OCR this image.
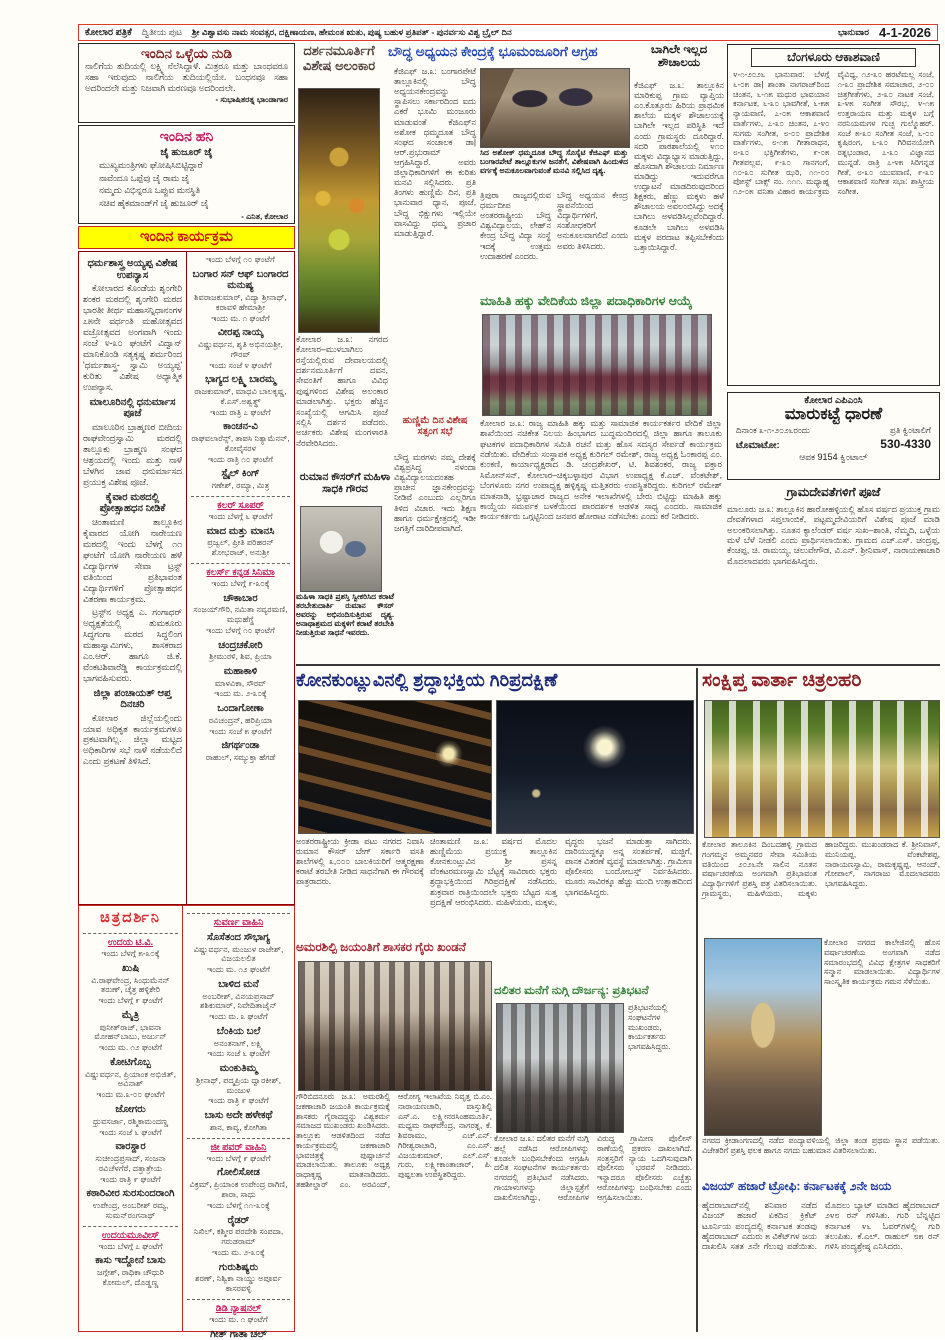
ಕೋಲಾರ ಪತ್ರಿಕೆ ದ್ವಿತೀಯ ಪುಟ ಶ್ರೀ ವಿಶ್ವಾವಸು ನಾಮ ಸಂವತ್ಸರ, ದಕ್ಷಿಣಾಯಣ, ಹೇಮಂತ ಋತು, ಪುಷ್ಯ ಬಹುಳ ಪ್ರತಿಪತ್ - ಪುನರ್ವಸು ವಿಶ್ವ ಬ್ರೈಲ್ ದಿನ	ಭಾನುವಾರ 4-1-2026
ಇಂದಿನ ಒಳ್ಳೆಯ ನುಡಿ
ನಾಲಿಗೆಯ ತುದಿಯಲ್ಲಿ ಲಕ್ಷ್ಮಿ ನೆಲೆಸಿದ್ದಾಳೆ. ಮಿತ್ರರೂ ಮತ್ತು ಬಾಂಧವರೂ ಸಹಾ ಇರುವುದು ನಾಲಿಗೆಯ ತುದಿಯಲ್ಲಿಯೇ. ಬಂಧನವೂ ಸಹಾ ಅದರಿಂದಲೇ ಮತ್ತು ನಿಜವಾಗಿ ಮರಣವೂ ಅದರಿಂದಲೇ.
- ಸುಭಾಷಿತರತ್ನ ಭಾಂಡಾಗಾರ
ಇಂದಿನ ಹನಿ
ಜೈ ಹುಜೂರ್ ಜೈ
ಮುಖ್ಯಮಂತ್ರಿಗಳು ಘೋಷಿಸಿಬಿಟ್ಟಿದ್ದಾರೆ
ನಾವೆಂದೂ ಒಪ್ಪೆವು ಜೈ ರಾಮ ಜೈ
ನಮ್ಮದು ವಿಭಿನ್ನರೂ ಒಪ್ಪುವ ಮನಸ್ಥಿತಿ
ಸಚಿವ ಹೈಕಮಾಂಡ್‌ಗೆ ಜೈ ಹುಜೂರ್ ಜೈ
- ಎನಿತ, ಕೋಲಾರ
ಇಂದಿನ ಕಾರ್ಯಕ್ರಮ
ಧರ್ಮಶಾಸ್ತ್ರ ಅಯ್ಯಪ್ಪ ವಿಶೇಷ ಉಪನ್ಯಾಸ
ಕೋಲಾರದ ಕೊಂಡೆಯ ಶೃಂಗೇರಿ ಶಂಕರ ಮಠದಲ್ಲಿ ಶೃಂಗೇರಿ ಮಠದ ಭಾರತೀ ತೀರ್ಥ ಮಹಾಸನ್ನಿಧಾನಂಗಳ ೭೫ನೇ ವರ್ಧಂತಿ ಮಹೋತ್ಸವದ ವಜ್ರೋತ್ಸವದ ಅಂಗವಾಗಿ ಇಂದು ಸಂಜೆ ೪-೩೦ ಘಂಟೆಗೆ ವಿದ್ವಾನ್ ಮಾನಿಕೊಂಡಿ ಸತ್ಯಕೃಷ್ಣ ಶರ್ಮರಿಂದ 'ಧರ್ಮಶಾಸ್ತ್ರ- ಸ್ವಾಮಿ ಅಯ್ಯಪ್ಪ' ಕುರಿತು ವಿಶೇಷ ಅಧ್ಯಾತ್ಮಿಕ ಉಪನ್ಯಾಸ.
ಮಾಲೂರಿನಲ್ಲಿ ಧನುರ್ಮಾಸ ಪೂಜೆ
ಮಾಲೂರಿನ ಬ್ರಾಹ್ಮಣರ ಬೀದಿಯ ರಾಘವೇಂದ್ರಸ್ವಾಮಿ ಮಠದಲ್ಲಿ ತಾಲ್ಲೂಕು ಬ್ರಾಹ್ಮಣ ಸಂಘದ ಆಶ್ರಯದಲ್ಲಿ ಇಂದು ಮತ್ತು ನಾಳೆ ಬೆಳಗಿನ ಜಾವ ಧನುರ್ಮಾಸದ ಪ್ರಯುಕ್ತ ವಿಶೇಷ ಪೂಜೆ.
ಕೈವಾರ ಮಠದಲ್ಲಿ ಪ್ರೋತ್ಸಾಹಧನ ನೀಡಿಕೆ
ಚಿಂತಾಮಣಿ ತಾಲ್ಲೂಕಿನ ಕೈವಾರದ ಯೋಗಿ ನಾರೇಯಣ ಮಠದಲ್ಲಿ ಇಂದು ಬೆಳಗ್ಗೆ ೧೧ ಘಂಟೆಗೆ ಯೋಗಿ ನಾರೇಯಣ ಹಳೆ ವಿದ್ಯಾರ್ಥಿಗಳ ಸೇವಾ ಟ್ರಸ್ಟ್ ವತಿಯಿಂದ ಪ್ರತಿಭಾವಂತ ವಿದ್ಯಾರ್ಥಿಗಳಿಗೆ ಪ್ರೋತ್ಸಾಹಧನ ವಿತರಣಾ ಕಾರ್ಯಕ್ರಮ.
ಟ್ರಸ್ಟ್‌ನ ಅಧ್ಯಕ್ಷ ಎ. ಗಂಗಾಧರ್ ಅಧ್ಯಕ್ಷತೆಯಲ್ಲಿ ತುಮಕೂರು ಸಿದ್ಧಗಂಗಾ ಮಠದ ಸಿದ್ಧಲಿಂಗ ಮಹಾಸ್ವಾಮಿಗಳು, ಶಾಸಕರಾದ ಎಂ.ಆರ್. ಹಾಗೂ ಜಿ.ಕೆ. ವೆಂಕಟಶಿವಾರೆಡ್ಡಿ ಕಾರ್ಯಕ್ರಮದಲ್ಲಿ ಭಾಗವಹಿಸುವರು.
ಜಿಲ್ಲಾ ಪಂಚಾಯತ್ ಆಪ್ತ ದಿನಚರಿ
ಕೋಲಾರ ಜಿಲ್ಲೆಯಲ್ಲಿಂದು ಯಾವ ಅಧಿಕೃತ ಕಾರ್ಯಕ್ರಮಗಳೂ ಪ್ರಕಟವಾಗಿಲ್ಲ. ಜಿಲ್ಲಾ ಮಟ್ಟದ ಅಧಿಕಾರಿಗಳ ಸಭೆ ನಾಳೆ ನಡೆಯಲಿದೆ ಎಂದು ಪ್ರಕಟಣೆ ತಿಳಿಸಿದೆ.
ಇಂದು ಬೆಳಗ್ಗೆ ೧೦ ಘಂಟೆಗೆ
ಬಂಗಾರ ಸನ್ ಆಫ್ ಬಂಗಾರದ ಮನುಷ್ಯ
ಶಿವರಾಜಕುಮಾರ್, ವಿದ್ಯಾ ಶ್ರೀನಾಥ್, ಕರಾವಳಿ ಹೇಮಾಶ್ರೀ
ಇಂದು ಮ. ೧ ಘಂಟೆಗೆ
ವೀರಪ್ಪ ನಾಯ್ಕ
ವಿಷ್ಣುವರ್ಧನ, ಶೃತಿ ಅಭಿನಯಶ್ರೀ, ಗೌರವ್
ಇಂದು ಸಂಜೆ ೪ ಘಂಟೆಗೆ
ಭಾಗ್ಯದ ಲಕ್ಷ್ಮಿ ಬಾರಮ್ಮ
ರಾಜಕುಮಾರ್, ಮಾಧವಿ ಬಾಲಕೃಷ್ಣ, ಕೆ.ಎಸ್.ಅಶ್ವತ್ಥ್
ಇಂದು ರಾತ್ರಿ ೭ ಘಂಟೆಗೆ
ಕಾಂಚನ-ವಿ
ರಾಘವಲಾರೆನ್ಸ್, ತಾಪಸಿ ನಿತ್ಯಾಮೆನನ್, ಕೋವೈಸರಳ
ಇಂದು ರಾತ್ರಿ ೧೦ ಘಂಟೆಗೆ
ಸ್ಟೈಲ್ ಕಿಂಗ್
ಗಣೇಶ್, ರಮ್ಯಾ, ಮಿತ್ರ
ಕಲರ್ ಸೂಪರ್
ಇಂದು ಬೆಳಗ್ಗೆ ೬ ಘಂಟೆಗೆ
ಮಾದ ಮತ್ತು ಮಾನಸಿ
ಪ್ರಜ್ವಲ್, ಪ್ರೀತಿ ಪರಿಹರನ್ ಶೋಭರಾಜ್, ಅನುಶ್ರೀ
ಕಲರ್ಸ್ ಕನ್ನಡ ಸಿನಿಮಾ
ಇಂದು ಬೆಳಗ್ಗೆ ೯-೩೦ಕ್ಕೆ
ಚೌಕಾಬಾರ
ಸಂಜಯ್‌ಗೌರಿ, ನಮಿತಾ ನವ್ಯರಮಣಿ, ಮಧುಹೆಗ್ಡೆ
ಇಂದು ಬೆಳಗ್ಗೆ ೧೦ ಘಂಟೆಗೆ
ಚಂದ್ರಚಕೋರಿ
ಶ್ರೀಮುರಳಿ, ಶಿವ, ಪ್ರಿಯಾ
ಮಹಾಕಾಳಿ
ಮಾಳವಿಕಾ, ಸೌರವ್
ಇಂದು ಮ. ೨-೩೦ಕ್ಕೆ
ಒಂದಾಗೋಣಾ
ರವಿಚಂದ್ರನ್, ಹರಿಪ್ರಿಯಾ
ಇಂದು ಸಂಜೆ ೫ ಘಂಟೆಗೆ
ಜಿಗರ್ಥಂಡಾ
ರಾಹುಲ್, ಸಮ್ಯುಕ್ತಾ ಹೆಗಡೆ
ಚಿತ್ರದರ್ಶಿನಿ
ಉದಯ ಟಿ.ವಿ.
ಇಂದು ಬೆಳಗ್ಗೆ ೫-೩೦ಕ್ಕೆ
ಖುಷಿ
ವಿ.ರಾಘವೇಂದ್ರ, ಸಿಂಧುಮೆನನ್ ತರುಣ್, ಚೈತ್ರ ಹಳ್ಳಿಕೇರಿ
ಇಂದು ಬೆಳಗ್ಗೆ ೯ ಘಂಟೆಗೆ
ಮೈತ್ರಿ
ಪುನೀತ್‌ರಾಜ್, ಭಾವನಾ ಮೋಹನ್‌ಬಾಬು, ಅರ್ಜುನ್
ಇಂದು ಮ. ೧೨ ಘಂಟೆಗೆ
ಕೋಟಿಗೊಬ್ಬ
ವಿಷ್ಣುವರ್ಧನ, ಪ್ರಿಯಾಂಕ ಅಭಿಜಿತ್, ಅವಿನಾಶ್
ಇಂದು ಮ.೩-೦೦ ಘಂಟೆಗೆ
ಜೋಗರು
ಧ್ರುವಸರ್ಜಾ, ರಶ್ಮಿಕಾಮಂದಣ್ಣ
ಇಂದು ಸಂಜೆ ೬ ಘಂಟೆಗೆ
ವಾರಸ್ದಾರ
ಸುಚೀಂದ್ರಪ್ರಸಾದ್, ಸಂಜನಾ ರವಿಚೆಳಗೆರೆ, ದತ್ತಾತ್ರೇಯ
ಇಂದು ರಾತ್ರಿ ೯ ಘಂಟೆಗೆ
ಕಠಾರಿವೀರ ಸುರಸುಂದರಾಂಗಿ
ಉಪೇಂದ್ರ, ಅಂಬರೀಶ್ ರಮ್ಯ, ಸುಮನ್‌ರಂಗನಾಥ್
ಉದಯಮೂವೀಸ್
ಇಂದು ಬೆಳಗ್ಗೆ ೭ ಘಂಟೆಗೆ
ಕಾಸು ಇದ್ದೋನೆ ಬಾಸು
ಜಗ್ಗೇಶ್, ರಾಧಿಕಾ ಚೌಧುರಿ ಕೋಮಲ್, ದೊಡ್ಡಣ್ಣ
ಸುವರ್ಣ ವಾಹಿನಿ
ಸೊಸೆತಂದ ಸೌಭಾಗ್ಯ
ವಿಷ್ಣುವರ್ಧನ, ಮಂಜುಳ ರಾಜೇಶ್, ವಿಜಯಲಲಿತ
ಇಂದು ಮ. ೧೨ ಘಂಟೆಗೆ
ಬಾಳಿದ ಮನೆ
ಅಂಬರೀಶ್, ವಿನಯಪ್ರಸಾದ್ ಶಶಿಕುಮಾರ್, ನಿವೇದಿತಾಜೈನ್
ಇಂದು ಮ. ೩ ಘಂಟೆಗೆ
ಬೆಂಕಿಯ ಬಲೆ
ಅನಂತನಾಗ್, ಲಕ್ಷ್ಮಿ
ಇಂದು ಸಂಜೆ ೬ ಘಂಟೆಗೆ
ಮಂಕುತಿಮ್ಮ
ಶ್ರೀನಾಥ್, ಪದ್ಮಪ್ರಿಯ ದ್ವಾರಕೀಶ್, ಮಂಜುಳ
ಇಂದು ರಾತ್ರಿ ೯ ಘಂಟೆಗೆ
ಬಾಸು ಅದೇ ಹಳೇಕಥೆ
ಶಾನ, ಕಾವ್ಯ, ಕೋಗಿತಾ
ಜೀ ಪವರ್ ವಾಹಿನಿ
ಇಂದು ಬೆಳಗ್ಗೆ ೯ ಘಂಟೆಗೆ
ಗೋಲಿಸೋಡ
ವಿಕ್ರಮ್, ಪ್ರಿಯಾಂಕ ಉಪೇಂದ್ರ ರಾಗಿಣಿ, ಶಾರಾ, ಸಾಧು
ಇಂದು ಬೆಳಗ್ಗೆ ೧೧-೩೦ಕ್ಕೆ
ರೈಡರ್
ನಿಖಿಲ್, ಕಶ್ಮೀರ ಪರದೇಶಿ ಸಂಪದಾ, ಗರುಡರಾಮ್
ಇಂದು ಮ. ೨-೩೦ಕ್ಕೆ
ಗುರುಶಿಷ್ಯರು
ಶರಣ್, ನಿಶ್ವಿಕಾ ನಾಯ್ಡು ಅಪೂರ್ವ ಕಾಸರವಳ್ಳಿ
ಡಿಡಿ ನ್ಯಾಷನಲ್
ಇಂದು ಮ. ೧ ಘಂಟೆಗೆ
ಗೀತ್ ಗಾತಾ ಚಲ್
ದರ್ಶನಮೂರ್ತಿಗೆ ವಿಶೇಷ ಅಲಂಕಾರ
ಕೋಲಾರ ಜ.೩: ನಗರದ ಕೋಲಾರ–ಮುಳಬಾಗಿಲು ರಸ್ತೆಯಲ್ಲಿರುವ ದೇವಾಲಯದಲ್ಲಿ ದರ್ಶನಮೂರ್ತಿಗೆ ದವನ, ಸೇವಂತಿಗೆ ಹಾಗೂ ವಿವಿಧ ಪುಷ್ಪಗಳಿಂದ ವಿಶೇಷ ಅಲಂಕಾರ ಮಾಡಲಾಗಿತ್ತು. ಭಕ್ತರು ಹೆಚ್ಚಿನ ಸಂಖ್ಯೆಯಲ್ಲಿ ಆಗಮಿಸಿ ಪೂಜೆ ಸಲ್ಲಿಸಿ ದರ್ಶನ ಪಡೆದರು. ಅರ್ಚಕರು ವಿಶೇಷ ಮಂಗಳಾರತಿ ನೆರವೇರಿಸಿದರು.
ರುಮಾನ ಕೌಸರ್‌ಗೆ ಮಹಿಳಾ ಸಾಧಕಿ ಗೌರವ
ಮಹಿಳಾ ಸಾಧಕಿ ಪ್ರಶಸ್ತಿ ಸ್ವೀಕರಿಸಿದ ಕರಾಟೆ ತರಬೇತುದಾರ್ತಿ ರುಮಾನ ಕೌಸರ್ ಅವರನ್ನು ಅಭಿನಂದಿಸುತ್ತಿರುವ ದೃಶ್ಯ. ಅನಾಥಾಶ್ರಮದ ಮಕ್ಕಳಿಗೆ ಕರಾಟೆ ತರಬೇತಿ ನೀಡುತ್ತಿರುವ ಸಾಧನೆ ಇವರದು.
ಬೌದ್ಧ ಅಧ್ಯಯನ ಕೇಂದ್ರಕ್ಕೆ ಭೂಮಂಜೂರಿಗೆ ಆಗ್ರಹ
ಕೆಜಿಎಫ್ ಜ.೩: ಬಂಗಾರಪೇಟೆ ತಾಲ್ಲೂಕಿನಲ್ಲಿ ಬೌದ್ಧ ಅಧ್ಯಯನಕೇಂದ್ರವನ್ನು ಸ್ಥಾಪಿಸಲು ಸರ್ಕಾರದಿಂದ ಐದು ಎಕರೆ ಭೂಮಿ ಮಂಜೂರು ಮಾಡುವಂತೆ ಕೆಜಿಎಫ್‌ನ ಅಶೋಕ ಧಮ್ಮದೂತ ಬೌದ್ಧ ಸಂಘದ ಸಂಚಾಲಕ ಡಾ| ಆರ್.ಪ್ರಭುರಾಮ್ ಆಗ್ರಹಿಸಿದ್ದಾರೆ. ಅವರು ಜಿಲ್ಲಾಧಿಕಾರಿಗಳಿಗೆ ಈ ಕುರಿತು ಮನವಿ ಸಲ್ಲಿಸಿದರು. ಪ್ರತಿ ತಿಂಗಳು ಹುಣ್ಣಿಮೆ ದಿನ, ಪ್ರತಿ ಭಾನುವಾರ ಧ್ಯಾನ, ಪೂಜೆ, ಬೌದ್ಧ ಭಿಕ್ಷುಗಳು ಇಲ್ಲಿಯೇ ವಾಸವಿದ್ದು ಧಮ್ಮ ಪ್ರಚಾರ ಮಾಡುತ್ತಿದ್ದಾರೆ.
ಹುಣ್ಣಿಮೆ ದಿನ ವಿಶೇಷ ಸತ್ಸಂಗ ಸಭೆ
ಬೌದ್ಧ ಮಠಗಳು ನಮ್ಮ ದೇಶಕ್ಕೆ ವಿಶ್ವಪ್ರಸಿದ್ಧ ನಳಂದಾ ವಿಶ್ವವಿದ್ಯಾಲಯದಂತಹ ಪ್ರಾಚೀನ ಜ್ಞಾನಕೇಂದ್ರವನ್ನು ನೀಡಿವೆ ಎಂಬುದು ಎಲ್ಲರಿಗೂ ತಿಳಿದ ವಿಚಾರ. ಇದು ಶಿಕ್ಷಣ ಹಾಗೂ ಧರ್ಮಕ್ಷೇತ್ರದಲ್ಲಿ ಇಡೀ ಜಗತ್ತಿಗೆ ದಾರಿದೀಪವಾಗಿದೆ.
ಸಿದ ಅಶೋಕ್ ಧಮ್ಮದೂತ ಬೌದ್ಧ ಸೊಸೈಟಿ ಕೆಜಿಎಫ್ ಮತ್ತು ಬಂಗಾರಪೇಟೆ ತಾಲ್ಲೂಕುಗಳ ಜನತೆಗೆ, ವಿಶೇಷವಾಗಿ ಹಿಂದುಳಿದ ವರ್ಗಕ್ಕೆ ಅನುಕೂಲವಾಗುವಂತೆ ಮನವಿ ಸಲ್ಲಿಸಿದ ದೃಶ್ಯ.
ತ್ರಿಪುರಾ ರಾಜ್ಯದಲ್ಲಿರುವ ಧರ್ಮದೀಪ ಅಂತರರಾಷ್ಟ್ರೀಯ ಬೌದ್ಧ ವಿಶ್ವವಿದ್ಯಾಲಯ, ಲೇಹ್‌ನ ಕೇಂದ್ರ ಬೌದ್ಧ ವಿದ್ಯಾ ಸಂಸ್ಥೆ ಇದಕ್ಕೆ ಉತ್ತಮ ಉದಾಹರಣೆ ಎಂದರು.
ಬೌದ್ಧ ಅಧ್ಯಯನ ಕೇಂದ್ರ ಸ್ಥಾಪನೆಯಿಂದ ವಿದ್ಯಾರ್ಥಿಗಳಿಗೆ, ಸಂಶೋಧಕರಿಗೆ ಅನುಕೂಲವಾಗಲಿದೆ ಎಂದು ಅವರು ತಿಳಿಸಿದರು.
ಬಾಗಿಲೇ ಇಲ್ಲದ ಶೌಚಾಲಯ
ಕೆಜಿಎಫ್ ಜ.೩: ತಾಲ್ಲೂಕಿನ ಮಾರಿಕುಪ್ಪ ಗ್ರಾಮ ವ್ಯಾಪ್ತಿಯ ಎಂ.ಕೊತ್ತೂರು ಹಿರಿಯ ಪ್ರಾಥಮಿಕ ಶಾಲೆಯ ಮಕ್ಕಳ ಶೌಚಾಲಯಕ್ಕೆ ಬಾಗಿಲೇ ಇಲ್ಲದ ಪರಿಸ್ಥಿತಿ ಇದೆ ಎಂದು ಗ್ರಾಮಸ್ಥರು ದೂರಿದ್ದಾರೆ. ಸದರಿ ಪಾಠಶಾಲೆಯಲ್ಲಿ ೪೧೦ ಮಕ್ಕಳು ವಿದ್ಯಾಭ್ಯಾಸ ಮಾಡುತ್ತಿದ್ದು, ಹೊಸದಾಗಿ ಶೌಚಾಲಯ ನಿರ್ಮಾಣ ಮಾಡಿದ್ದು ಇದುವರೆಗೂ ಉದ್ಘಾಟನೆ ಮಾಡದಿರುವುದರಿಂದ ಶಿಕ್ಷಕರು, ಹೆಣ್ಣು ಮಕ್ಕಳು ಹಳೆ ಶೌಚಾಲಯ ಅವಲಂಬಿಸಿದ್ದು ಅದಕ್ಕೆ ಬಾಗಿಲು ಅಳವಡಿಸಿಲ್ಲವೆಂದಿದ್ದಾರೆ. ಕೂಡಲೇ ಬಾಗಿಲು ಅಳವಡಿಸಿ ಮಕ್ಕಳ ಪರದಾಟ ತಪ್ಪಿಸಬೇಕೆಂದು ಒತ್ತಾಯಿಸಿದ್ದಾರೆ.
ಬೆಂಗಳೂರು ಆಕಾಶವಾಣಿ
೪-೧-೨೦೨೬ ಭಾನುವಾರ: ಬೆಳಗ್ಗೆ ೬-೦೫ ಡಾ| ಶಾಂತಾ ನಾಗರಾಜ್‌ರಿಂದ ಚಿಂತನ, ೬-೧೫ ಮಧುರ ಭಾವಯಾನ ಕರ್ನಾಟಕ, ೬-೩೦ ಭಾವಗೀತೆ, ೬-೫೫ ನ್ಯಾಯವಾಣಿ, ೭-೦೫ ಆಕಾಶವಾಣಿ ವಾರ್ತೆಗಳು, ೭-೩೦ ಚಿಂತನ, ೭-೪೦ ಸುಗಮ ಸಂಗೀತ, ೮-೦೦ ಪ್ರಾದೇಶಿಕ ವಾರ್ತೆಗಳು, ೮-೧೫ ಗೀತಾರಾಧನ, ೮-೩೦ ಭಕ್ತಿಗೀತೆಗಳು, ೯-೦೫ ಗೀತಪಲ್ಲವ, ೯-೩೦ ಗಾನಗಂಗೆ, ೧೦-೩೦ ಸುಗೀತ ಝರಿ, ೧೧-೦೦ ಪೋಸ್ಟ್ ಬಾಕ್ಸ್ ನಂ. ೧೧೧. ಮಧ್ಯಾಹ್ನ ೧೨-೦೫ ವನಿತಾ ವಿಹಾರ ಕಾರ್ಯಕ್ರಮ ವೈವಿಧ್ಯ, ೧೨-೩೦ ಹರಟೆಮಲ್ಲ ಸಂಜೆ, ೧-೩೦ ಪ್ರಾದೇಶಿಕ ಸಮಾಚಾರ, ೨-೦೦ ಚಿತ್ರಗೀತೆಗಳು, ೨-೩೦ ನಾಟಕ ಸಂಜೆ, ೩-೪೫ ಸಂಗೀತ ಸೌರಭ, ೪-೧೫ ಉತ್ತರಾಯಣ ಮತ್ತು ಮಕ್ಕಳ ಬಗ್ಗೆ ನರನಿಯಮಗಳ ಗುಚ್ಛ ಗುಲ್ಮೊಹರ್. ಸಂಜೆ ೫-೩೦ ಸಂಗೀತ ಸಂಜೆ, ೬-೦೦ ಕೃಷಿರಂಗ, ೬-೩೦ ಗಿರಿವನಯೋಗಿ ರತ್ನಭಂಡಾರ, ೭-೩೦ ವಿಜ್ಞಾನದ ಮುನ್ನಡೆ. ರಾತ್ರಿ ೭-೪೫ ಸಿರಿಗನ್ನಡ ಗೀತೆ, ೮-೩೦ ಯುವವಾಣಿ, ೯-೩೦ ಆಕಾಶವಾಣಿ ಸಂಗೀತ ಸಭಾ: ಶಾಸ್ತ್ರೀಯ ಸಂಗೀತ.
ಮಾಹಿತಿ ಹಕ್ಕು ವೇದಿಕೆಯ ಜಿಲ್ಲಾ ಪದಾಧಿಕಾರಿಗಳ ಆಯ್ಕೆ
ಕೋಲಾರ ಜ.೩: ರಾಜ್ಯ ಮಾಹಿತಿ ಹಕ್ಕು ಮತ್ತು ಸಾಮಾಜಿಕ ಕಾರ್ಯಕರ್ತರ ವೇದಿಕೆ ಜಿಲ್ಲಾ ಶಾಖೆಯಿಂದ ನಚಿಕೇತ ನಿಲಯ ಹಿಂಭಾಗದ ಬುದ್ಧಮಂದಿರದಲ್ಲಿ ಜಿಲ್ಲಾ ಹಾಗೂ ತಾಲೂಕು ಘಟಕಗಳ ಪದಾಧಿಕಾರಿಗಳ ಸಮಿತಿ ರಚನೆ ಮತ್ತು ಹೊಸ ಸದಸ್ಯರ ಸೇರ್ಪಡೆ ಕಾರ್ಯಕ್ರಮ ನಡೆಯಿತು. ವೇದಿಕೆಯ ಸಂಸ್ಥಾಪಕ ಅಧ್ಯಕ್ಷ ಕುರಿಗಲ್ ರಮೇಶ್, ರಾಜ್ಯ ಅಧ್ಯಕ್ಷ ಓಂಕಾರಪ್ಪ ಎಂ. ಕುಂಕಣಿ, ಕಾರ್ಯಾಧ್ಯಕ್ಷರಾದ ಡಿ. ಚಂದ್ರಶೇಖರ್, ಟಿ. ಶಿವಶಂಕರ, ರಾಜ್ಯ ವಕ್ತಾರ ಸಿಮೋನ್‌ಸನ್, ಕೋಲಾರ–ಚಿಕ್ಕಬಳ್ಳಾಪುರ ವಿಭಾಗ ಉಪಾಧ್ಯಕ್ಷ ಕೆ.ಎಚ್. ವೆಂಕಟೇಶ್, ಬೆಂಗಳೂರು ನಗರ ಉಪಾಧ್ಯಕ್ಷ ಹಳ್ಳಿಕೃಷ್ಣ ಮತ್ತಿತರರು ಉಪಸ್ಥಿತರಿದ್ದರು. ಕುರಿಗಲ್ ರಮೇಶ್ ಮಾತನಾಡಿ, ಭ್ರಷ್ಟಾಚಾರ ರಾಜ್ಯದ ಅನೇಕ ಇಲಾಖೆಗಳಲ್ಲಿ ಬೇರು ಬಿಟ್ಟಿದ್ದು ಮಾಹಿತಿ ಹಕ್ಕು ಕಾಯ್ದೆಯ ಸಮರ್ಪಕ ಬಳಕೆಯಿಂದ ಪಾರದರ್ಶಕ ಆಡಳಿತ ಸಾಧ್ಯ ಎಂದರು. ಸಾಮಾಜಿಕ ಕಾರ್ಯಕರ್ತರು ಒಗ್ಗಟ್ಟಿನಿಂದ ಜನಪರ ಹೋರಾಟ ನಡೆಸಬೇಕು ಎಂದು ಕರೆ ನೀಡಿದರು.
ಕೋಲಾರ ಎಪಿಎಂಸಿ
ಮಾರುಕಟ್ಟೆ ಧಾರಣೆ
ದಿನಾಂಕ ೩-೧-೨೦೨೬ರಂದು	ಪ್ರತಿ ಕ್ವಿಂಟಾಲಿಗೆ
ಟೊಮಾಟೋ:	530-4330
ಆವಕ 9154 ಕ್ವಿಂಟಾಲ್
ಗ್ರಾಮದೇವತೆಗಳಿಗೆ ಪೂಜೆ
ಮಾಲೂರು ಜ.೩: ತಾಲ್ಲೂಕಿನ ಹಾರೋಹಳ್ಳಿಯಲ್ಲಿ ಹೊಸ ವರ್ಷದ ಪ್ರಯುಕ್ತ ಗ್ರಾಮ ದೇವತೆಗಳಾದ ಸಪ್ತಲಾಂಬಿಕೆ, ಪಟ್ಟಮ್ಮದೇವಿಯರಿಗೆ ವಿಶೇಷ ಪೂಜೆ ಮಾಡಿ ಅಲಂಕರಿಸಲಾಗಿತ್ತು. ನೂತನ ಕ್ಯಾಲೆಂಡರ್ ವರ್ಷ ಸುಖ–ಶಾಂತಿ, ನೆಮ್ಮದಿ, ಒಳ್ಳೆಯ ಮಳೆ ಬೆಳೆ ನೀಡಲಿ ಎಂದು ಪ್ರಾರ್ಥಿಸಲಾಯಿತು. ಗ್ರಾಮದ ಎಚ್.ಎಸ್. ಚಂದ್ರಪ್ಪ, ಕೆಂಚಪ್ಪ, ಚಿ. ರಾಮಯ್ಯ, ಚಲುವೇಗೌಡ, ವಿ.ಎನ್. ಶ್ರೀನಿವಾಸ್, ನಾರಾಯಣಾಚಾರಿ ಮೊದಲಾದವರು ಭಾಗವಹಿಸಿದ್ದರು.
ಕೋನಕುಂಟ್ಲುವಿನಲ್ಲಿ ಶ್ರದ್ಧಾಭಕ್ತಿಯ ಗಿರಿಪ್ರದಕ್ಷಿಣೆ
ಅಂತರರಾಷ್ಟ್ರೀಯ ಕ್ರೀಡಾ ಪಟು ನಗರದ ನಿವಾಸಿ ರುಮಾನ ಕೌಸರ್ ಬೇಗ್ ಸರ್ಕಾರಿ ವಸತಿ ಶಾಲೆಗಳಲ್ಲಿ ೩,೦೦೦ ಬಾಲಕಿಯರಿಗೆ ಆತ್ಮರಕ್ಷಣಾ ಕರಾಟೆ ತರಬೇತಿ ನೀಡಿದ ಸಾಧನೆಗಾಗಿ ಈ ಗೌರವಕ್ಕೆ ಪಾತ್ರರಾದರು.
ಚಿಂತಾಮಣಿ ಜ.೩: ವರ್ಷದ ಮೊದಲ ಹುಣ್ಣಿಮೆಯ ಪ್ರಯುಕ್ತ ತಾಲ್ಲೂಕಿನ ಕೋನಕುಂಟ್ಲುವಿನ ಶ್ರೀ ಪ್ರಸನ್ನ ವೆಂಕಟರಮಣಸ್ವಾಮಿ ಬೆಟ್ಟಕ್ಕೆ ಸಾವಿರಾರು ಭಕ್ತರು ಶ್ರದ್ಧಾಭಕ್ತಿಯಿಂದ ಗಿರಿಪ್ರದಕ್ಷಿಣೆ ನಡೆಸಿದರು. ಶುಕ್ರವಾರ ರಾತ್ರಿಯಿಂದಲೇ ಭಕ್ತರು ಬೆಟ್ಟದ ಸುತ್ತ ಪ್ರದಕ್ಷಿಣೆ ಆರಂಭಿಸಿದರು. ಮಹಿಳೆಯರು, ಮಕ್ಕಳು, ವೃದ್ಧರು ಭಜನೆ ಮಾಡುತ್ತಾ ಸಾಗಿದರು. ದಾರಿಯುದ್ದಕ್ಕೂ ಅನ್ನ ಸಂತರ್ಪಣೆ, ಮಜ್ಜಿಗೆ, ಪಾನಕ ವಿತರಣೆ ವ್ಯವಸ್ಥೆ ಮಾಡಲಾಗಿತ್ತು. ಗ್ರಾಮೀಣ ಪೊಲೀಸರು ಬಂದೋಬಸ್ತ್ ನಿರ್ವಹಿಸಿದರು. ಮೂರು ಸಾವಿರಕ್ಕೂ ಹೆಚ್ಚು ಮಂದಿ ಉತ್ಸಾಹದಿಂದ ಭಾಗವಹಿಸಿದ್ದರು.
ಅಮರಶಿಲ್ಪಿ ಜಯಂತಿಗೆ ಶಾಸಕರ ಗೈರು ಖಂಡನೆ
ಗೌರಿಬಿದನೂರು ಜ.೩: ಅಮರಶಿಲ್ಪಿ ಜಕಣಾಚಾರಿ ಜಯಂತಿ ಕಾರ್ಯಕ್ರಮಕ್ಕೆ ಶಾಸಕರು ಗೈರಾದದ್ದನ್ನು ವಿಶ್ವಕರ್ಮ ಸಮಾಜದ ಮುಖಂಡರು ಖಂಡಿಸಿದರು. ತಾಲ್ಲೂಕು ಆಡಳಿತದಿಂದ ನಡೆದ ಕಾರ್ಯಕ್ರಮದಲ್ಲಿ ಜಕಣಾಚಾರಿ ಭಾವಚಿತ್ರಕ್ಕೆ ಪುಷ್ಪಾರ್ಚನೆ ಮಾಡಲಾಯಿತು. ತಾಲೂಕು ಅಧ್ಯಕ್ಷ ರಾಧಾಕೃಷ್ಣ ಮಾತನಾಡಿದರು. ತಹಶೀಲ್ದಾರ್ ಎಂ. ಅರವಿಂದ್, ಆರೋಗ್ಯ ಇಲಾಖೆಯ ನಿವೃತ್ತ ಬಿ.ಎಂ. ನಾರಾಯಣಚಾರಿ, ವಾಸ್ತುಶಿಲ್ಪಿ ಎಸ್.ಎ. ಲಕ್ಷ್ಮೀನರಸಿಂಹಮೂರ್ತಿ, ಮಧ್ಯಮ ರಾಘವೇಂದ್ರ, ನಾಗರತ್ನ, ಕೆ. ಶಿವರಾಮು, ಎಚ್.ಎನ್. ಗಿರೀಶ್ವರಾಚಾರಿ, ಎಂ.ಎಸ್. ವಿಜಯಕುಮಾರ್, ಎಲ್.ಎಸ್. ಗುರು, ಲಕ್ಷ್ಮೀಕಾಂತಾಚಾರ್, ಪಿ. ಪುಷ್ಪಲತಾ ಉಪಸ್ಥಿತರಿದ್ದರು.
ದಲಿತರ ಮನೆಗೆ ನುಗ್ಗಿ ದೌರ್ಜನ್ಯ: ಪ್ರತಿಭಟನೆ
ಪ್ರತಿಭಟನೆಯಲ್ಲಿ ಸಂಘಟನೆಗಳ ಮುಖಂಡರು, ಕಾರ್ಯಕರ್ತರು ಭಾಗವಹಿಸಿದ್ದರು.
ಕೋಲಾರ ಜ.೩: ದಲಿತರ ಮನೆಗೆ ನುಗ್ಗಿ ಹಲ್ಲೆ ನಡೆಸಿದ ಆರೋಪಿಗಳನ್ನು ಕೂಡಲೇ ಬಂಧಿಸಬೇಕೆಂದು ಆಗ್ರಹಿಸಿ ದಲಿತ ಸಂಘಟನೆಗಳ ಕಾರ್ಯಕರ್ತರು ನಗರದಲ್ಲಿ ಪ್ರತಿಭಟನೆ ನಡೆಸಿದರು. ಗಾಯಾಳುಗಳನ್ನು ಜಿಲ್ಲಾಸ್ಪತ್ರೆಗೆ ದಾಖಲಿಸಲಾಗಿದ್ದು, ಆರೋಪಿಗಳ ವಿರುದ್ಧ ಗ್ರಾಮೀಣ ಪೊಲೀಸ್ ಠಾಣೆಯಲ್ಲಿ ಪ್ರಕರಣ ದಾಖಲಾಗಿದೆ. ಸಂತ್ರಸ್ತರಿಗೆ ನ್ಯಾಯ ಒದಗಿಸುವುದಾಗಿ ಪೊಲೀಸರು ಭರವಸೆ ನೀಡಿದರು. ಇನ್ನಾದರೂ ಪೊಲೀಸರು ಎಚ್ಚೆತ್ತು ಆರೋಪಿಗಳನ್ನು ಬಂಧಿಸಬೇಕು ಎಂದು ಆಗ್ರಹಿಸಲಾಯಿತು.
ಸಂಕ್ಷಿಪ್ತ ವಾರ್ತಾ ಚಿತ್ರಲಹರಿ
ಕೋಲಾರ ತಾಲೂಕಿನ ದಿಂಬದಹಳ್ಳಿ ಗ್ರಾಮದ ಗಂಗಮ್ಮನ ಅಮ್ಮನವರ ಸೇವಾ ಸಮಿತಿಯ ವತಿಯಿಂದ ೨೦೨೬ನೇ ಸಾಲಿನ ನೂತನ ವರ್ಷಾಚರಣೆಯ ಅಂಗವಾಗಿ ಪ್ರತಿಭಾವಂತ ವಿದ್ಯಾರ್ಥಿಗಳಿಗೆ ಪ್ರಶಸ್ತಿ ಪತ್ರ ವಿತರಿಸಲಾಯಿತು. ಗ್ರಾಮಸ್ಥರು, ಮಹಿಳೆಯರು, ಮಕ್ಕಳು ಹಾಜರಿದ್ದರು. ಮುಖಂಡರಾದ ಕೆ. ಶ್ರೀನಿವಾಸ್, ಮುನಿಯಪ್ಪ, ವೆಂಕಟೇಶಪ್ಪ, ನಾರಾಯಣಸ್ವಾಮಿ, ರಾಮಕೃಷ್ಣಪ್ಪ, ಆನಂದ್, ಗೋಪಾಲ್, ನಾಗರಾಜು ಮೊದಲಾದವರು ಭಾಗವಹಿಸಿದ್ದರು.
ಕೋಲಾರ ನಗರದ ಕಾಲೇಜಿನಲ್ಲಿ ಹೊಸ ವರ್ಷಾಚರಣೆಯ ಅಂಗವಾಗಿ ನಡೆದ ಸಮಾರಂಭದಲ್ಲಿ ವಿವಿಧ ಕ್ಷೇತ್ರಗಳ ಸಾಧಕರಿಗೆ ಸನ್ಮಾನ ಮಾಡಲಾಯಿತು. ವಿದ್ಯಾರ್ಥಿಗಳ ಸಾಂಸ್ಕೃತಿಕ ಕಾರ್ಯಕ್ರಮ ಗಮನ ಸೆಳೆಯಿತು.
ನಗರದ ಕ್ರೀಡಾಂಗಣದಲ್ಲಿ ನಡೆದ ಪಂದ್ಯಾವಳಿಯಲ್ಲಿ ಜಿಲ್ಲಾ ತಂಡ ಪ್ರಥಮ ಸ್ಥಾನ ಪಡೆಯಿತು. ವಿಜೇತರಿಗೆ ಪ್ರಶಸ್ತಿ ಫಲಕ ಹಾಗೂ ನಗದು ಬಹುಮಾನ ವಿತರಿಸಲಾಯಿತು.
ವಿಜಯ್ ಹಜಾರೆ ಟ್ರೋಫಿ: ಕರ್ನಾಟಕಕ್ಕೆ ೨ನೇ ಜಯ
ಹೈದರಾಬಾದ್‌ನಲ್ಲಿ ಶನಿವಾರ ನಡೆದ ವಿಜಯ್ ಹಜಾರೆ ಏಕದಿನ ಕ್ರಿಕೆಟ್ ಟೂರ್ನಿಯ ಪಂದ್ಯದಲ್ಲಿ ಕರ್ನಾಟಕ ತಂಡವು ಹೈದರಾಬಾದ್ ಎದುರು ೫ ವಿಕೆಟ್‌ಗಳ ಜಯ ದಾಖಲಿಸಿ ಸತತ ೨ನೇ ಗೆಲುವು ಪಡೆಯಿತು. ಮೊದಲು ಬ್ಯಾಟ್ ಮಾಡಿದ ಹೈದರಾಬಾದ್ ೨೪೮ ರನ್ ಗಳಿಸಿತು. ಗುರಿ ಬೆನ್ನಟ್ಟಿದ ಕರ್ನಾಟಕ ೪೬ ಓವರ್‌ಗಳಲ್ಲಿ ಗುರಿ ತಲುಪಿತು. ಕೆ.ಎಲ್. ರಾಹುಲ್ ೮೫ ರನ್ ಗಳಿಸಿ ಪಂದ್ಯಶ್ರೇಷ್ಠ ಎನಿಸಿದರು.
